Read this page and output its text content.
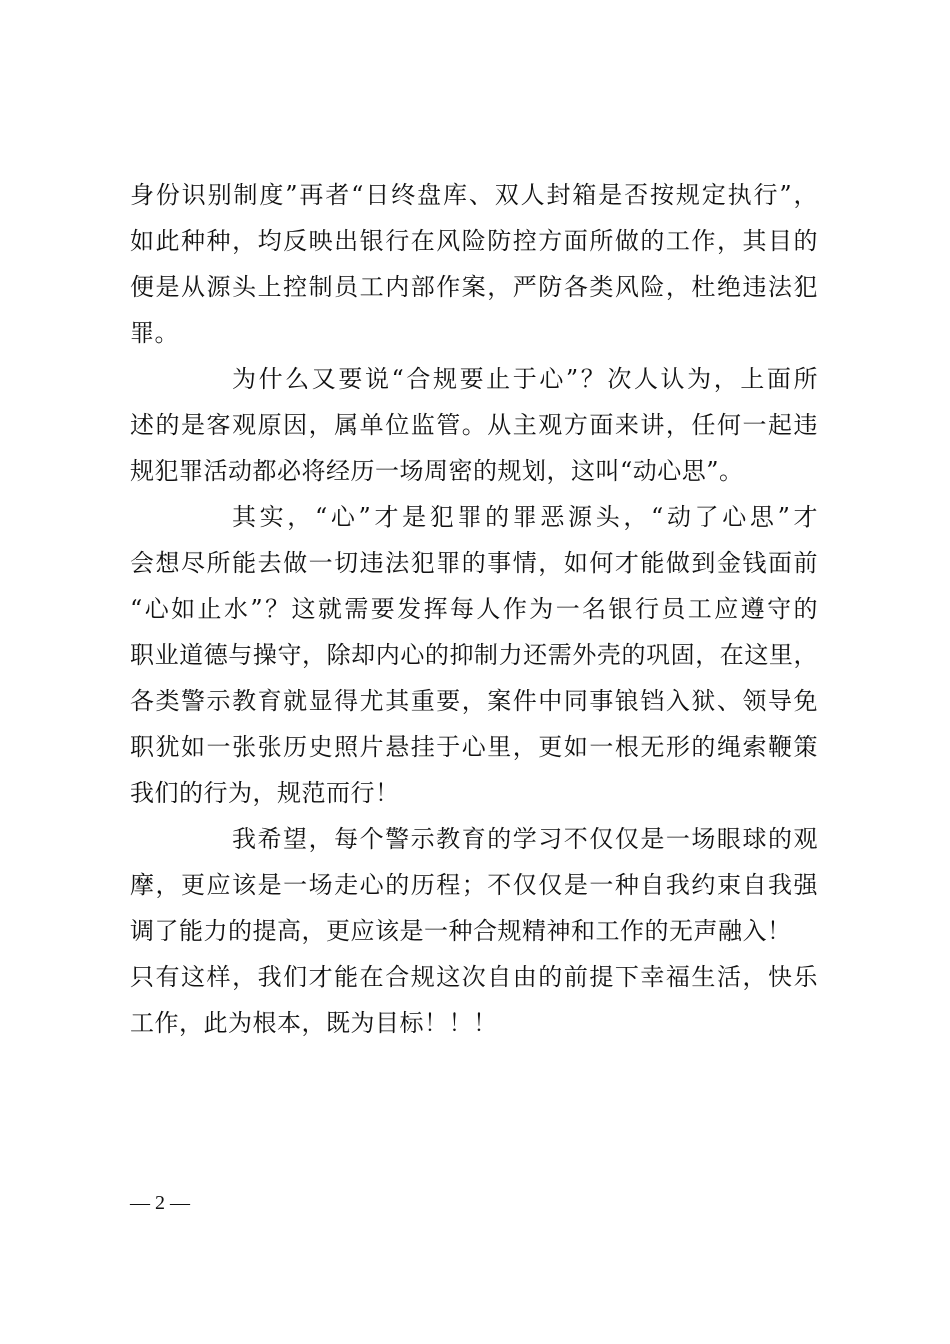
身份识别制度”再者“日终盘库、双人封箱是否按规定执行”，
如此种种，均反映出银行在风险防控方面所做的工作，其目的
便是从源头上控制员工内部作案，严防各类风险，杜绝违法犯
罪。
为什么又要说“合规要止于心”？次人认为，上面所
述的是客观原因，属单位监管。从主观方面来讲，任何一起违
规犯罪活动都必将经历一场周密的规划，这叫“动心思”。
其实，“心”才是犯罪的罪恶源头，“动了心思”才
会想尽所能去做一切违法犯罪的事情，如何才能做到金钱面前
“心如止水”？这就需要发挥每人作为一名银行员工应遵守的
职业道德与操守，除却内心的抑制力还需外壳的巩固，在这里，
各类警示教育就显得尤其重要，案件中同事锒铛入狱、领导免
职犹如一张张历史照片悬挂于心里，更如一根无形的绳索鞭策
我们的行为，规范而行！
我希望，每个警示教育的学习不仅仅是一场眼球的观
摩，更应该是一场走心的历程；不仅仅是一种自我约束自我强
调了能力的提高，更应该是一种合规精神和工作的无声融入！
只有这样，我们才能在合规这次自由的前提下幸福生活，快乐
工作，此为根本，既为目标！！！
— 2 —
